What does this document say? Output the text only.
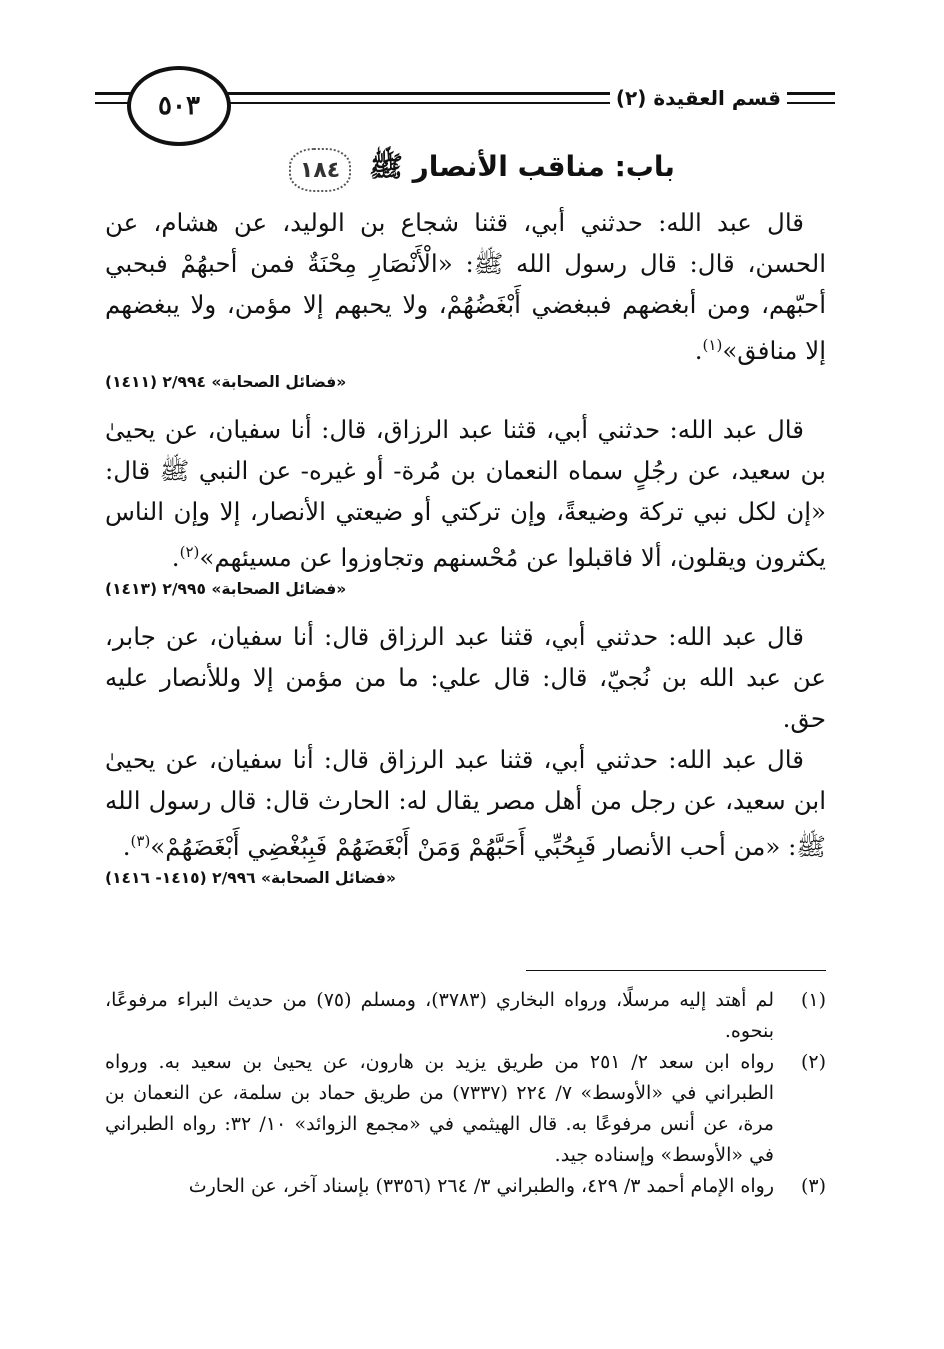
٥٠٣	قسم العقيدة (٢)
باب: مناقب الأنصار ﷺ
١٨٤

قال عبد الله: حدثني أبي، قثنا شجاع بن الوليد، عن هشام، عن الحسن، قال: قال رسول الله ﷺ: «الْأَنْصَارِ مِحْنَةٌ فمن أحبهُمْ فبحبي أحبّهم، ومن أبغضهم فببغضي أَبْغَضُهُمْ، ولا يحبهم إلا مؤمن، ولا يبغضهم إلا منافق»$^{(١)}$.

«فضائل الصحابة» ٢/٩٩٤ (١٤١١)

قال عبد الله: حدثني أبي، قثنا عبد الرزاق، قال: أنا سفيان، عن يحيىٰ بن سعيد، عن رجُلٍ سماه النعمان بن مُرة- أو غيره- عن النبي ﷺ قال: «إن لكل نبي تركة وضيعةً، وإن تركتي أو ضيعتي الأنصار، إلا وإن الناس يكثرون ويقلون، ألا فاقبلوا عن مُحْسنهم وتجاوزوا عن مسيئهم»$^{(٢)}$.

«فضائل الصحابة» ٢/٩٩٥ (١٤١٣)

قال عبد الله: حدثني أبي، قثنا عبد الرزاق قال: أنا سفيان، عن جابر، عن عبد الله بن نُجيّ، قال: قال علي: ما من مؤمن إلا وللأنصار عليه حق.

قال عبد الله: حدثني أبي، قثنا عبد الرزاق قال: أنا سفيان، عن يحيىٰ ابن سعيد، عن رجل من أهل مصر يقال له: الحارث قال: قال رسول الله ﷺ: «من أحب الأنصار فَبِحُبِّي أَحَبَّهُمْ وَمَنْ أَبْغَضَهُمْ فَبِبُغْضِي أَبْغَضَهُمْ»$^{(٣)}$.

«فضائل الصحابة» ٢/٩٩٦ (١٤١٥- ١٤١٦)
(١)
لم أهتد إليه مرسلًا، ورواه البخاري (٣٧٨٣)، ومسلم (٧٥) من حديث البراء مرفوعًا، بنحوه.
(٢)
رواه ابن سعد ٢/ ٢٥١ من طريق يزيد بن هارون، عن يحيىٰ بن سعيد به. ورواه الطبراني في «الأوسط» ٧/ ٢٢٤ (٧٣٣٧) من طريق حماد بن سلمة، عن النعمان بن مرة، عن أنس مرفوعًا به. قال الهيثمي في «مجمع الزوائد» ١٠/ ٣٢: رواه الطبراني في «الأوسط» وإسناده جيد.
(٣)
رواه الإمام أحمد ٣/ ٤٢٩، والطبراني ٣/ ٢٦٤ (٣٣٥٦) بإسناد آخر، عن الحارث
